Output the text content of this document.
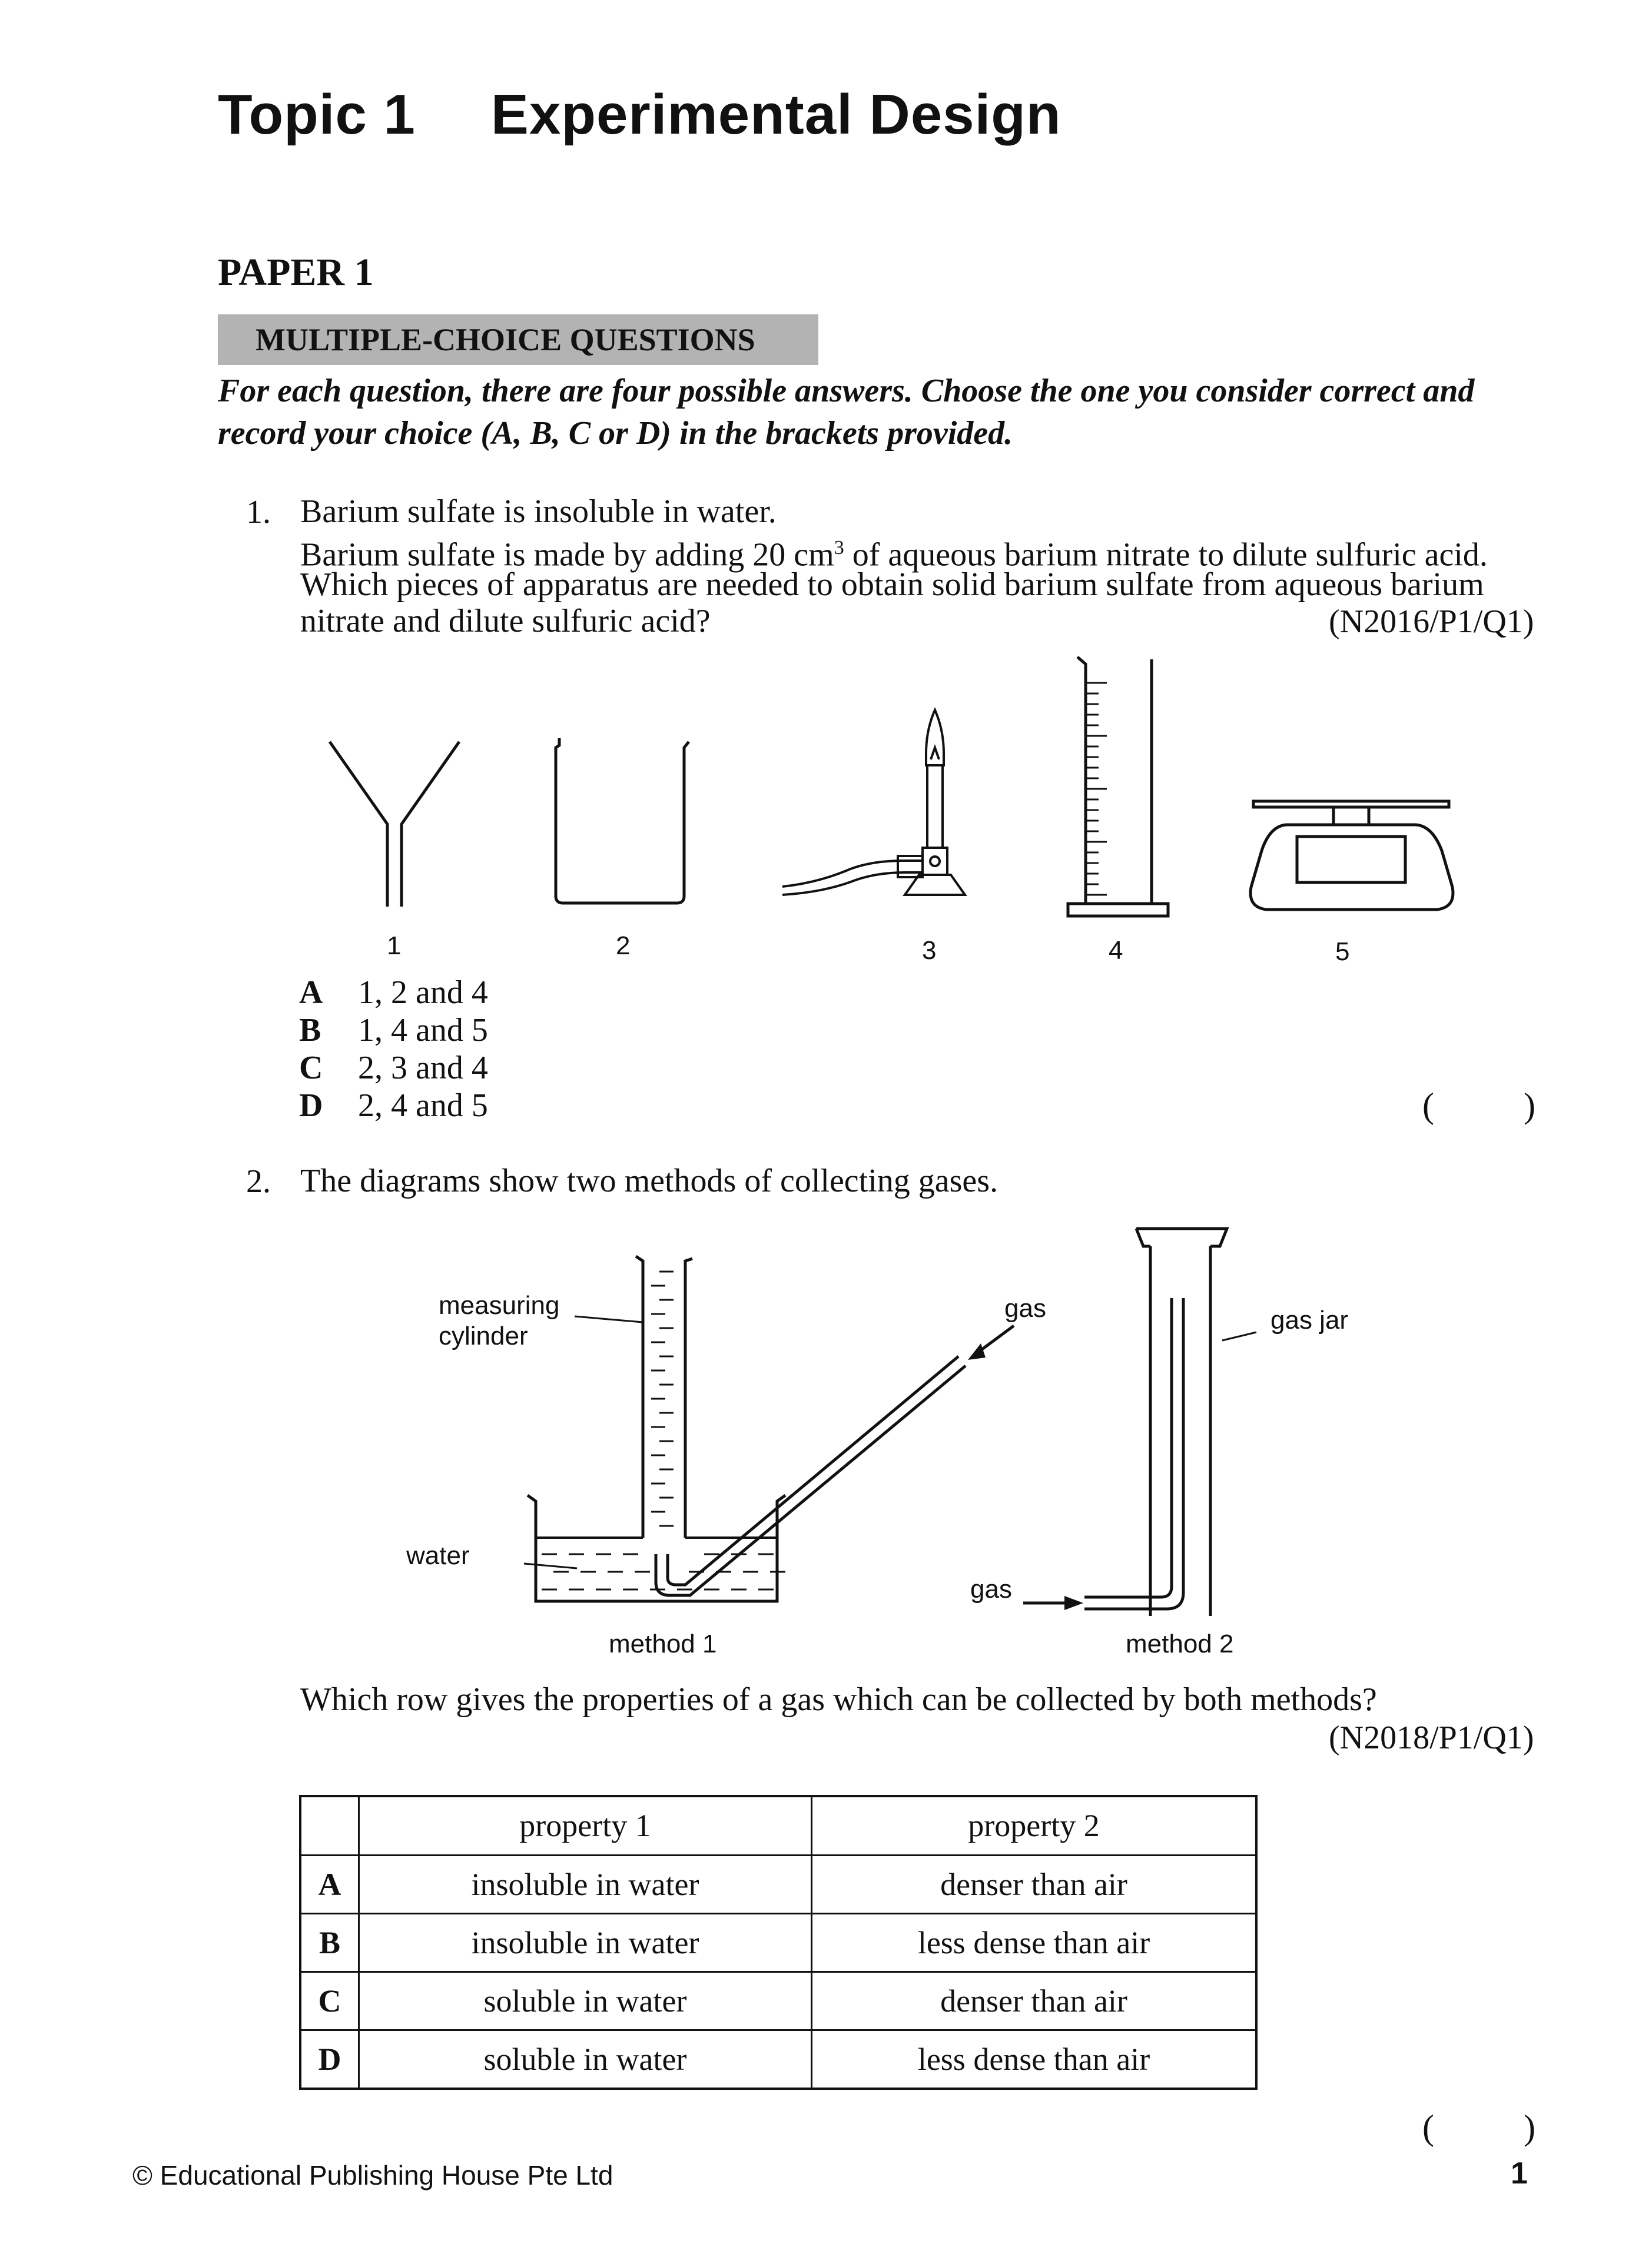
Topic 1 Experimental Design
PAPER 1
MULTIPLE-CHOICE QUESTIONS
For each question, there are four possible answers. Choose the one you consider correct and record your choice (A, B, C or D) in the brackets provided.
1. Barium sulfate is insoluble in water.
Barium sulfate is made by adding 20 $cm^3$ of aqueous barium nitrate to dilute sulfuric acid.
Which pieces of apparatus are needed to obtain solid barium sulfate from aqueous barium
nitrate and dilute sulfuric acid?	(N2016/P1/Q1)
1	2	3	4	5
A 1, 2 and 4
B 1, 4 and 5
C 2, 3 and 4
D 2, 4 and 5	(	)
2. The diagrams show two methods of collecting gases.
measuring
cylinder
gas	gas jar
water
gas
method 1	method 2
Which row gives the properties of a gas which can be collected by both methods?
(N2018/P1/Q1)
	property 1	property 2
A	insoluble in water	denser than air
B	insoluble in water	less dense than air
C	soluble in water	denser than air
D	soluble in water	less dense than air
(	)
© Educational Publishing House Pte Ltd	1
